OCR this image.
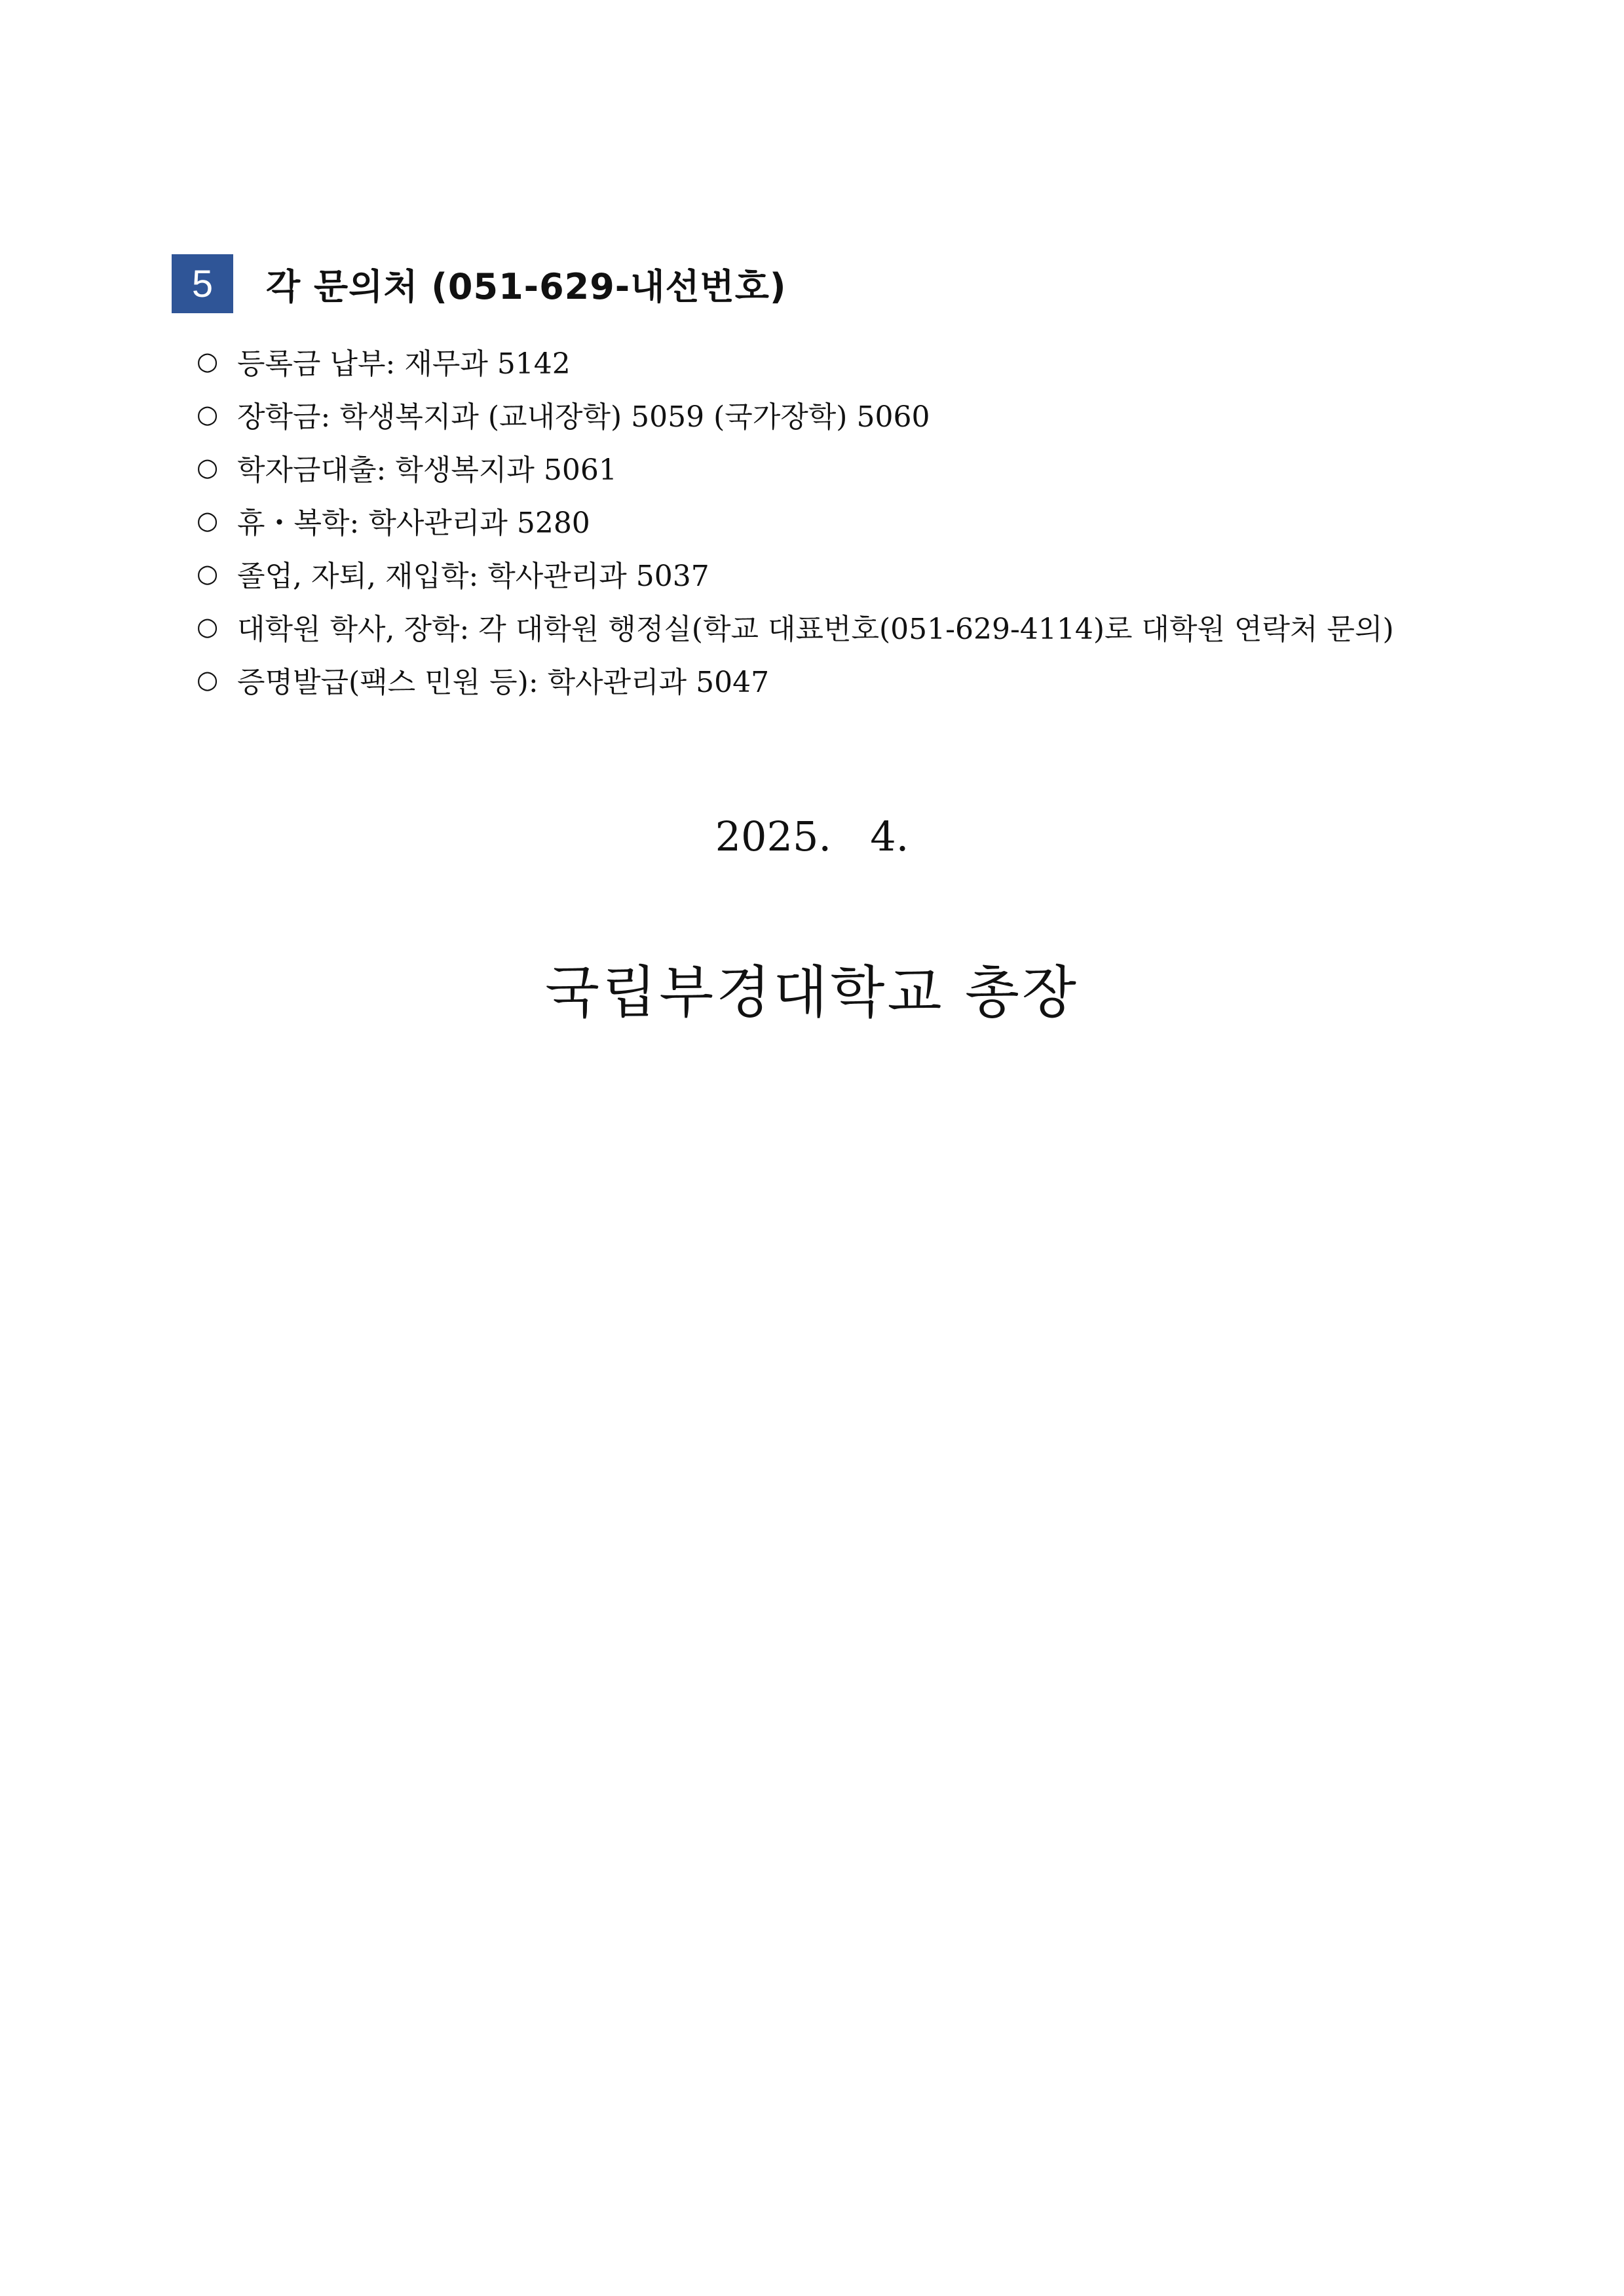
5	각 문의처 (051-629-내선번호)
○ 등록금 납부: 재무과 5142
○ 장학금: 학생복지과 (교내장학) 5059 (국가장학) 5060
○ 학자금대출: 학생복지과 5061
○ 휴・복학: 학사관리과 5280
○ 졸업, 자퇴, 재입학: 학사관리과 5037
○ 대학원 학사, 장학: 각 대학원 행정실(학교 대표번호(051-629-4114)로 대학원 연락처 문의)
○ 증명발급(팩스 민원 등): 학사관리과 5047
2025.   4.
국립부경대학교 총장
